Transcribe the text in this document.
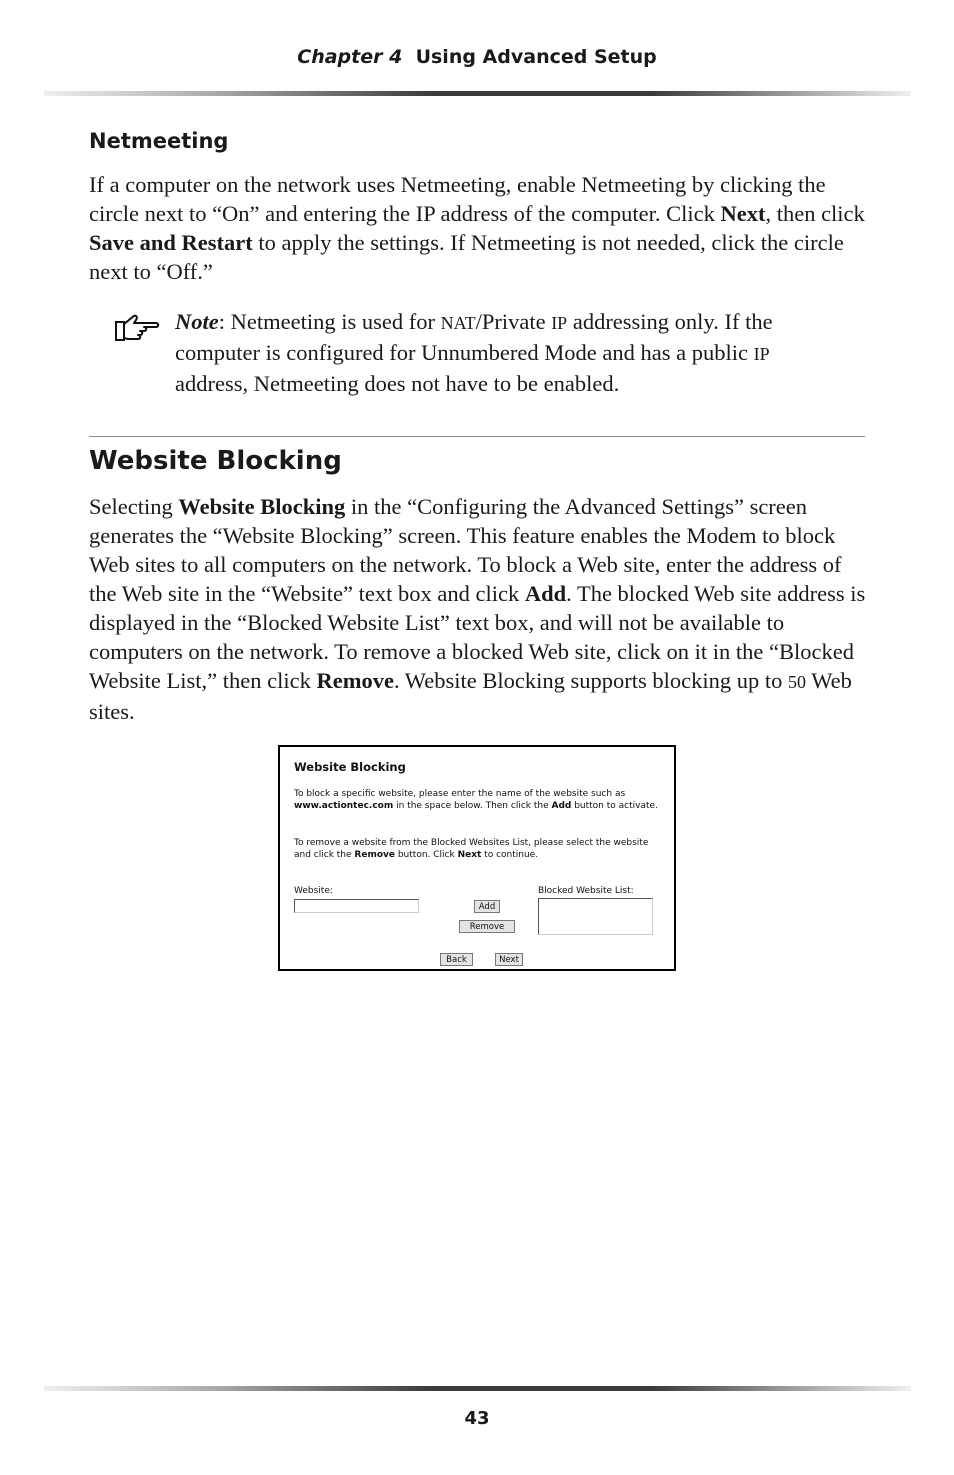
Chapter 4 Using Advanced Setup
Netmeeting
If a computer on the network uses Netmeeting, enable Netmeeting by clicking the circle next to “On” and entering the IP address of the computer. Click Next, then click Save and Restart to apply the settings. If Netmeeting is not needed, click the circle next to “Off.”
Note: Netmeeting is used for NAT/Private IP addressing only. If the computer is configured for Unnumbered Mode and has a public IP address, Netmeeting does not have to be enabled.
Website Blocking
Selecting Website Blocking in the “Configuring the Advanced Settings” screen generates the “Website Blocking” screen. This feature enables the Modem to block Web sites to all computers on the network. To block a Web site, enter the address of the Web site in the “Website” text box and click Add. The blocked Web site address is displayed in the “Blocked Website List” text box, and will not be available to computers on the network. To remove a blocked Web site, click on it in the “Blocked Website List,” then click Remove. Website Blocking supports blocking up to 50 Web sites.
Website Blocking
To block a specific website, please enter the name of the website such as www.actiontec.com in the space below. Then click the Add button to activate.
To remove a website from the Blocked Websites List, please select the website and click the Remove button. Click Next to continue.
Website:	Blocked Website List:
Add
Remove
Back	Next
43
